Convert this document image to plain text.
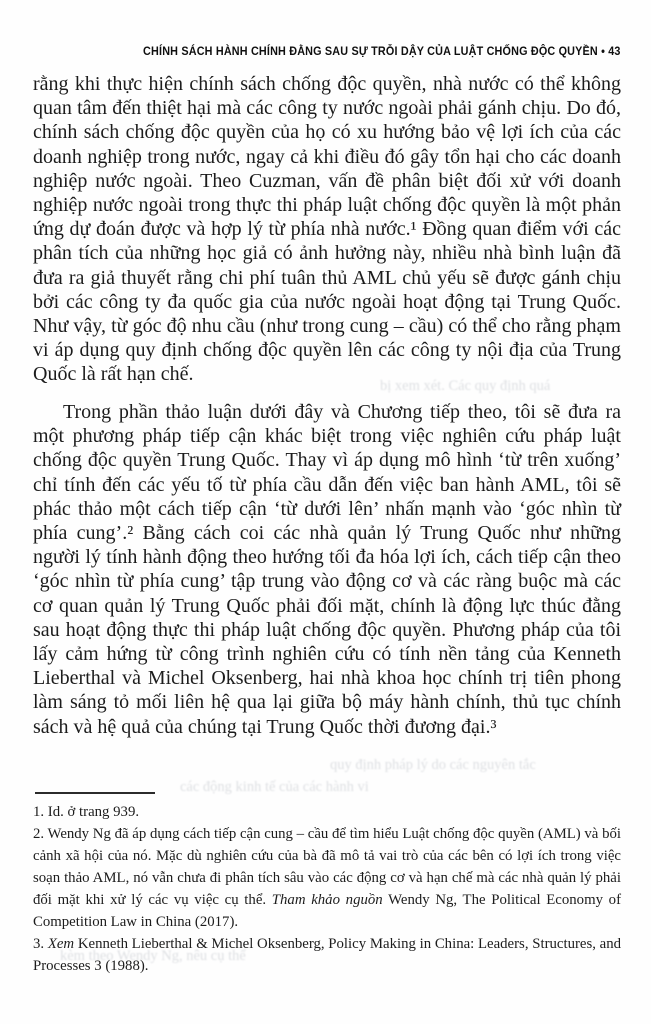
CHÍNH SÁCH HÀNH CHÍNH ĐẰNG SAU SỰ TRỖI DẬY CỦA LUẬT CHỐNG ĐỘC QUYỀN • 43

rằng khi thực hiện chính sách chống độc quyền, nhà nước có thể không quan tâm đến thiệt hại mà các công ty nước ngoài phải gánh chịu. Do đó, chính sách chống độc quyền của họ có xu hướng bảo vệ lợi ích của các doanh nghiệp trong nước, ngay cả khi điều đó gây tổn hại cho các doanh nghiệp nước ngoài. Theo Cuzman, vấn đề phân biệt đối xử với doanh nghiệp nước ngoài trong thực thi pháp luật chống độc quyền là một phản ứng dự đoán được và hợp lý từ phía nhà nước.¹ Đồng quan điểm với các phân tích của những học giả có ảnh hưởng này, nhiều nhà bình luận đã đưa ra giả thuyết rằng chi phí tuân thủ AML chủ yếu sẽ được gánh chịu bởi các công ty đa quốc gia của nước ngoài hoạt động tại Trung Quốc. Như vậy, từ góc độ nhu cầu (như trong cung – cầu) có thể cho rằng phạm vi áp dụng quy định chống độc quyền lên các công ty nội địa của Trung Quốc là rất hạn chế.

Trong phần thảo luận dưới đây và Chương tiếp theo, tôi sẽ đưa ra một phương pháp tiếp cận khác biệt trong việc nghiên cứu pháp luật chống độc quyền Trung Quốc. Thay vì áp dụng mô hình ‘từ trên xuống’ chỉ tính đến các yếu tố từ phía cầu dẫn đến việc ban hành AML, tôi sẽ phác thảo một cách tiếp cận ‘từ dưới lên’ nhấn mạnh vào ‘góc nhìn từ phía cung’.² Bằng cách coi các nhà quản lý Trung Quốc như những người lý tính hành động theo hướng tối đa hóa lợi ích, cách tiếp cận theo ‘góc nhìn từ phía cung’ tập trung vào động cơ và các ràng buộc mà các cơ quan quản lý Trung Quốc phải đối mặt, chính là động lực thúc đằng sau hoạt động thực thi pháp luật chống độc quyền. Phương pháp của tôi lấy cảm hứng từ công trình nghiên cứu có tính nền tảng của Kenneth Lieberthal và Michel Oksenberg, hai nhà khoa học chính trị tiên phong làm sáng tỏ mối liên hệ qua lại giữa bộ máy hành chính, thủ tục chính sách và hệ quả của chúng tại Trung Quốc thời đương đại.³

1. Id. ở trang 939.

2. Wendy Ng đã áp dụng cách tiếp cận cung – cầu để tìm hiểu Luật chống độc quyền (AML) và bối cảnh xã hội của nó. Mặc dù nghiên cứu của bà đã mô tả vai trò của các bên có lợi ích trong việc soạn thảo AML, nó vẫn chưa đi phân tích sâu vào các động cơ và hạn chế mà các nhà quản lý phải đối mặt khi xử lý các vụ việc cụ thể. Tham khảo nguồn Wendy Ng, The Political Economy of Competition Law in China (2017).

3. Xem Kenneth Lieberthal & Michel Oksenberg, Policy Making in China: Leaders, Structures, and Processes 3 (1988).

bị xem xét. Các quy định quá
quy định pháp lý do các nguyên tắc
các động kinh tế của các hành vi
kèm theo Wendy Ng, nêu cụ thể
